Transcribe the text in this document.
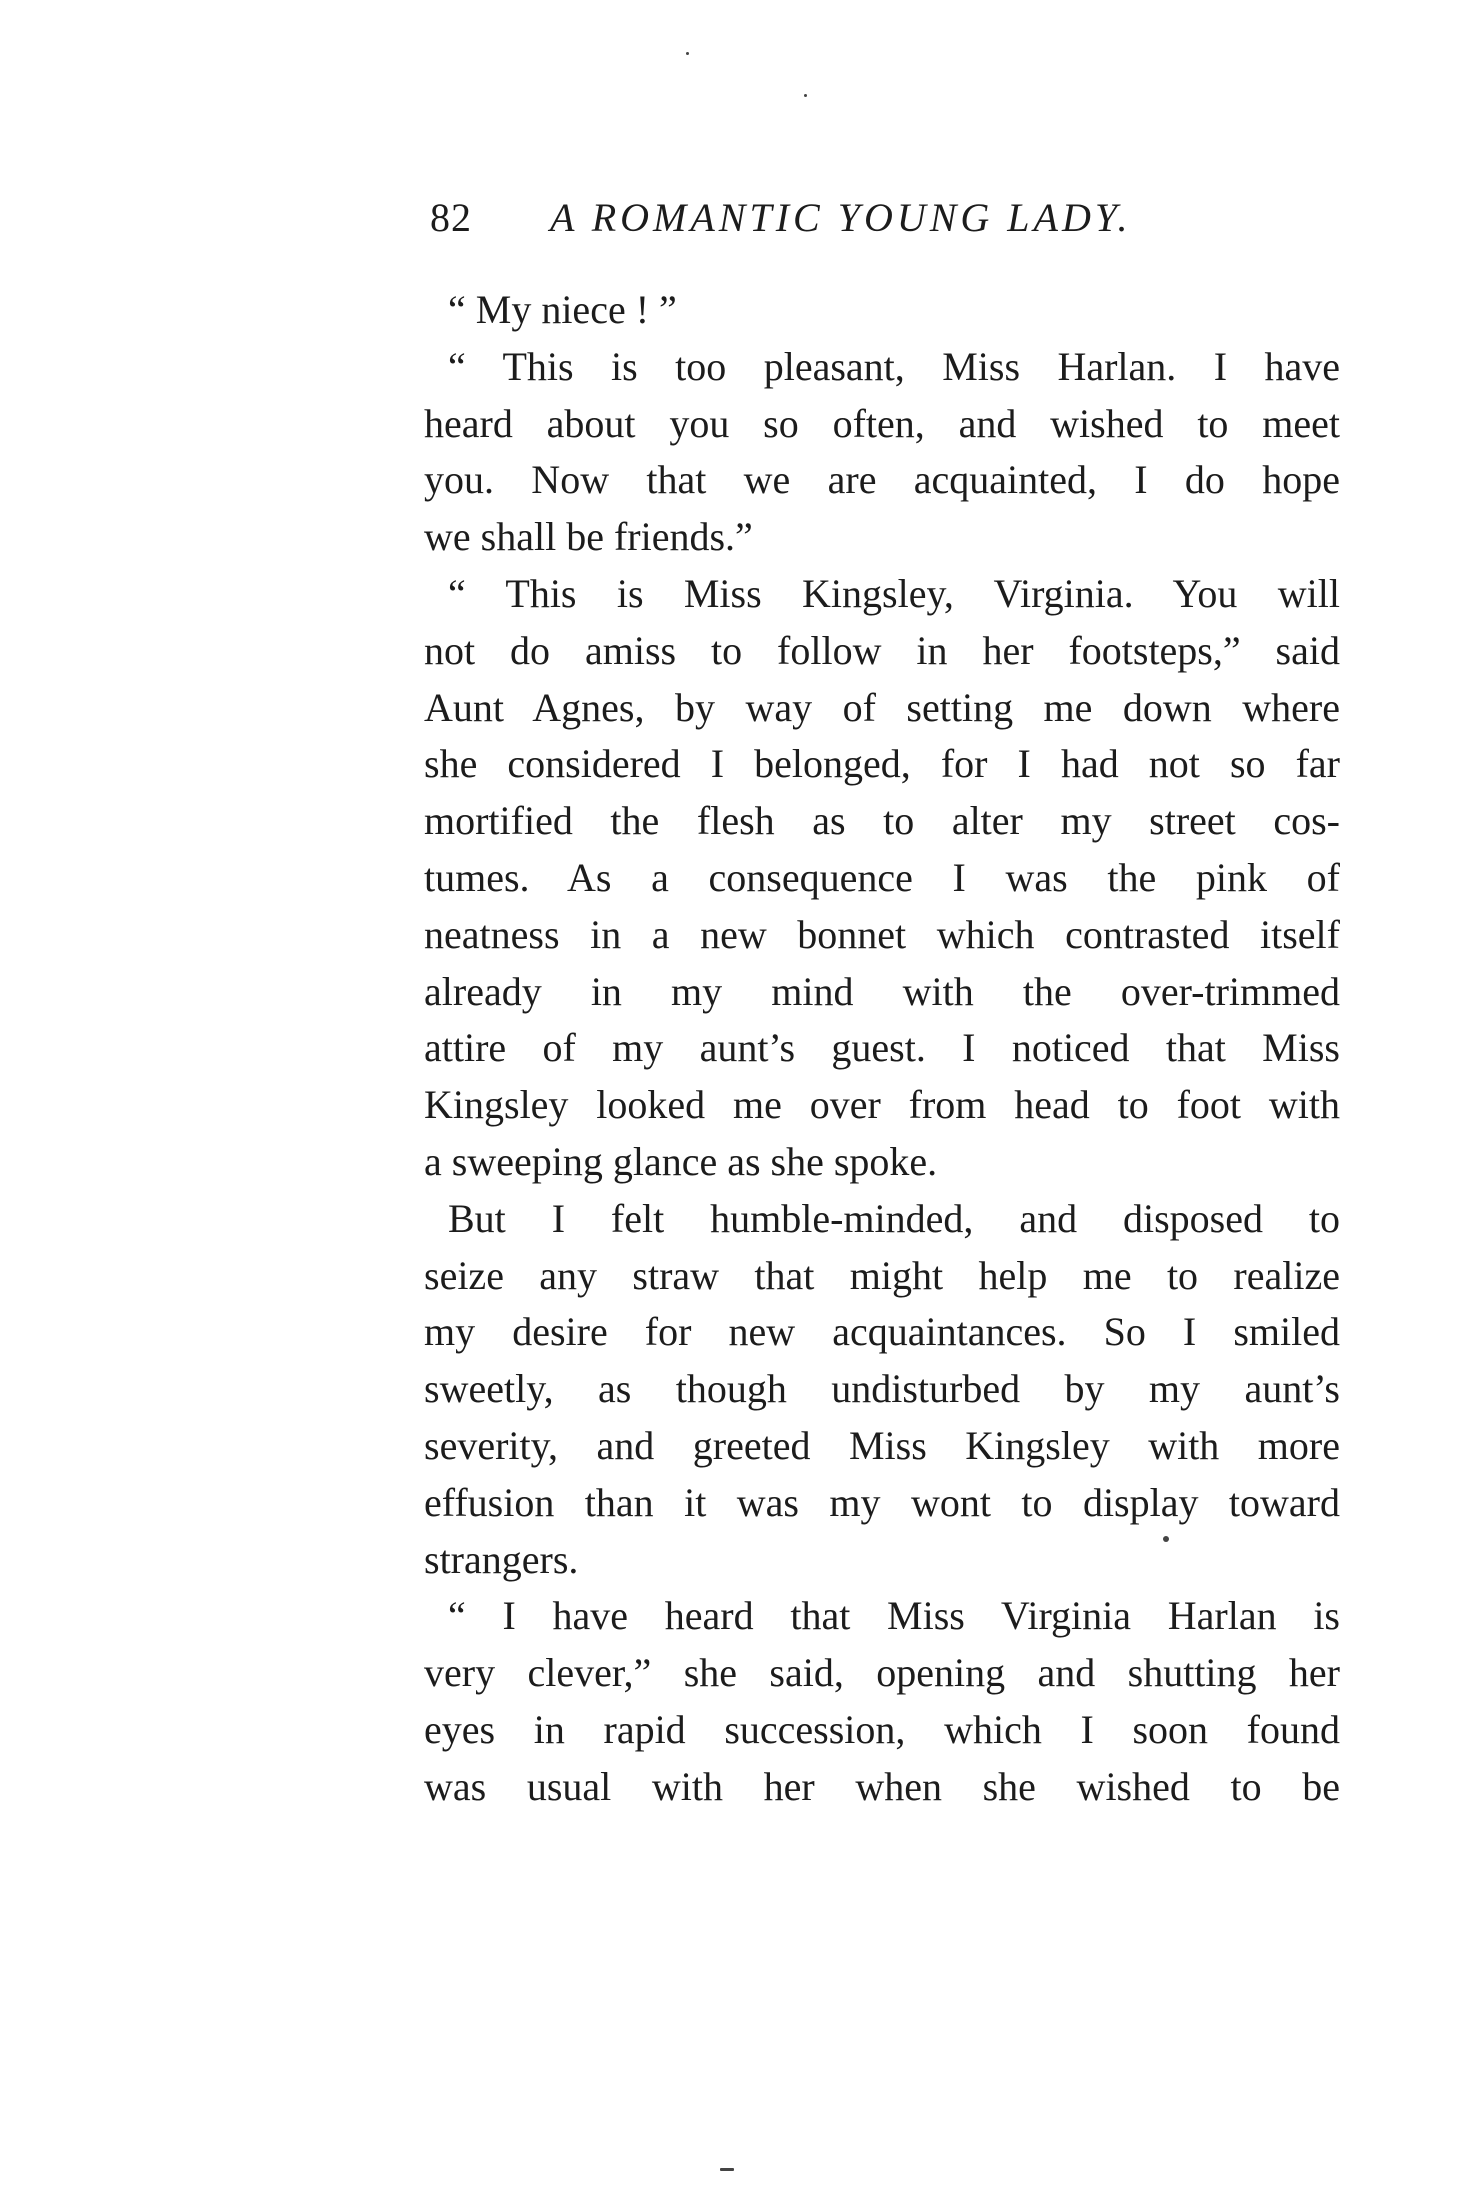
82 A ROMANTIC YOUNG LADY.
“ My niece ! ”
“ This is too pleasant, Miss Harlan. I have
heard about you so often, and wished to meet
you. Now that we are acquainted, I do hope
we shall be friends.”
“ This is Miss Kingsley, Virginia. You will
not do amiss to follow in her footsteps,” said
Aunt Agnes, by way of setting me down where
she considered I belonged, for I had not so far
mortified the flesh as to alter my street cos-
tumes. As a consequence I was the pink of
neatness in a new bonnet which contrasted itself
already in my mind with the over-trimmed
attire of my aunt’s guest. I noticed that Miss
Kingsley looked me over from head to foot with
a sweeping glance as she spoke.
But I felt humble-minded, and disposed to
seize any straw that might help me to realize
my desire for new acquaintances. So I smiled
sweetly, as though undisturbed by my aunt’s
severity, and greeted Miss Kingsley with more
effusion than it was my wont to display toward
strangers.
“ I have heard that Miss Virginia Harlan is
very clever,” she said, opening and shutting her
eyes in rapid succession, which I soon found
was usual with her when she wished to be
